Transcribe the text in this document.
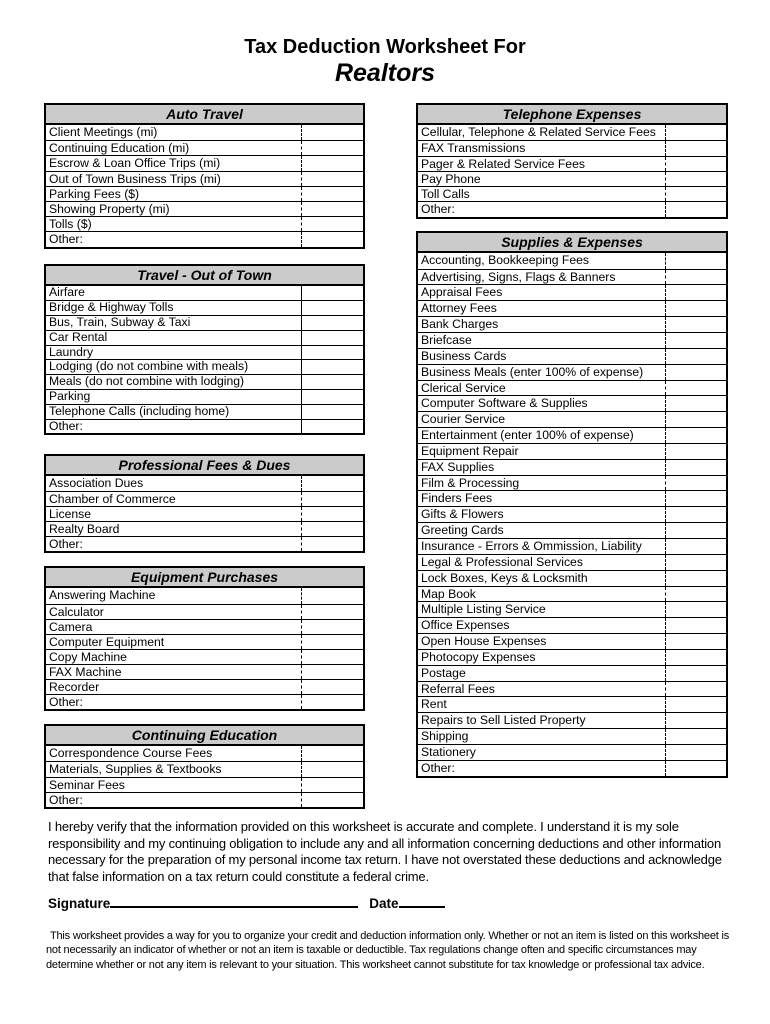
Tax Deduction Worksheet For
Realtors
Auto Travel
Client Meetings (mi)
Continuing Education (mi)
Escrow & Loan Office Trips (mi)
Out of Town Business Trips (mi)
Parking Fees ($)
Showing Property (mi)
Tolls ($)
Other:
Travel - Out of Town
Airfare
Bridge & Highway Tolls
Bus, Train, Subway & Taxi
Car Rental
Laundry
Lodging (do not combine with meals)
Meals (do not combine with lodging)
Parking
Telephone Calls (including home)
Other:
Professional Fees & Dues
Association Dues
Chamber of Commerce
License
Realty Board
Other:
Equipment Purchases
Answering Machine
Calculator
Camera
Computer Equipment
Copy Machine
FAX Machine
Recorder
Other:
Continuing Education
Correspondence Course Fees
Materials, Supplies & Textbooks
Seminar Fees
Other:
Telephone Expenses
Cellular, Telephone & Related Service Fees
FAX Transmissions
Pager & Related Service Fees
Pay Phone
Toll Calls
Other:
Supplies & Expenses
Accounting, Bookkeeping Fees
Advertising, Signs, Flags & Banners
Appraisal Fees
Attorney Fees
Bank Charges
Briefcase
Business Cards
Business Meals (enter 100% of expense)
Clerical Service
Computer Software & Supplies
Courier Service
Entertainment (enter 100% of expense)
Equipment Repair
FAX Supplies
Film & Processing
Finders Fees
Gifts & Flowers
Greeting Cards
Insurance - Errors & Ommission, Liability
Legal & Professional Services
Lock Boxes, Keys & Locksmith
Map Book
Multiple Listing Service
Office Expenses
Open House Expenses
Photocopy Expenses
Postage
Referral Fees
Rent
Repairs to Sell Listed Property
Shipping
Stationery
Other:

I hereby verify that the information provided on this worksheet is accurate and complete. I understand it is my sole responsibility and my continuing obligation to include any and all information concerning deductions and other information necessary for the preparation of my personal income tax return. I have not overstated these deductions and acknowledge that false information on a tax return could constitute a federal crime.

Signature	Date

This worksheet provides a way for you to organize your credit and deduction information only. Whether or not an item is listed on this worksheet is not necessarily an indicator of whether or not an item is taxable or deductible. Tax regulations change often and specific circumstances may determine whether or not any item is relevant to your situation. This worksheet cannot substitute for tax knowledge or professional tax advice.
